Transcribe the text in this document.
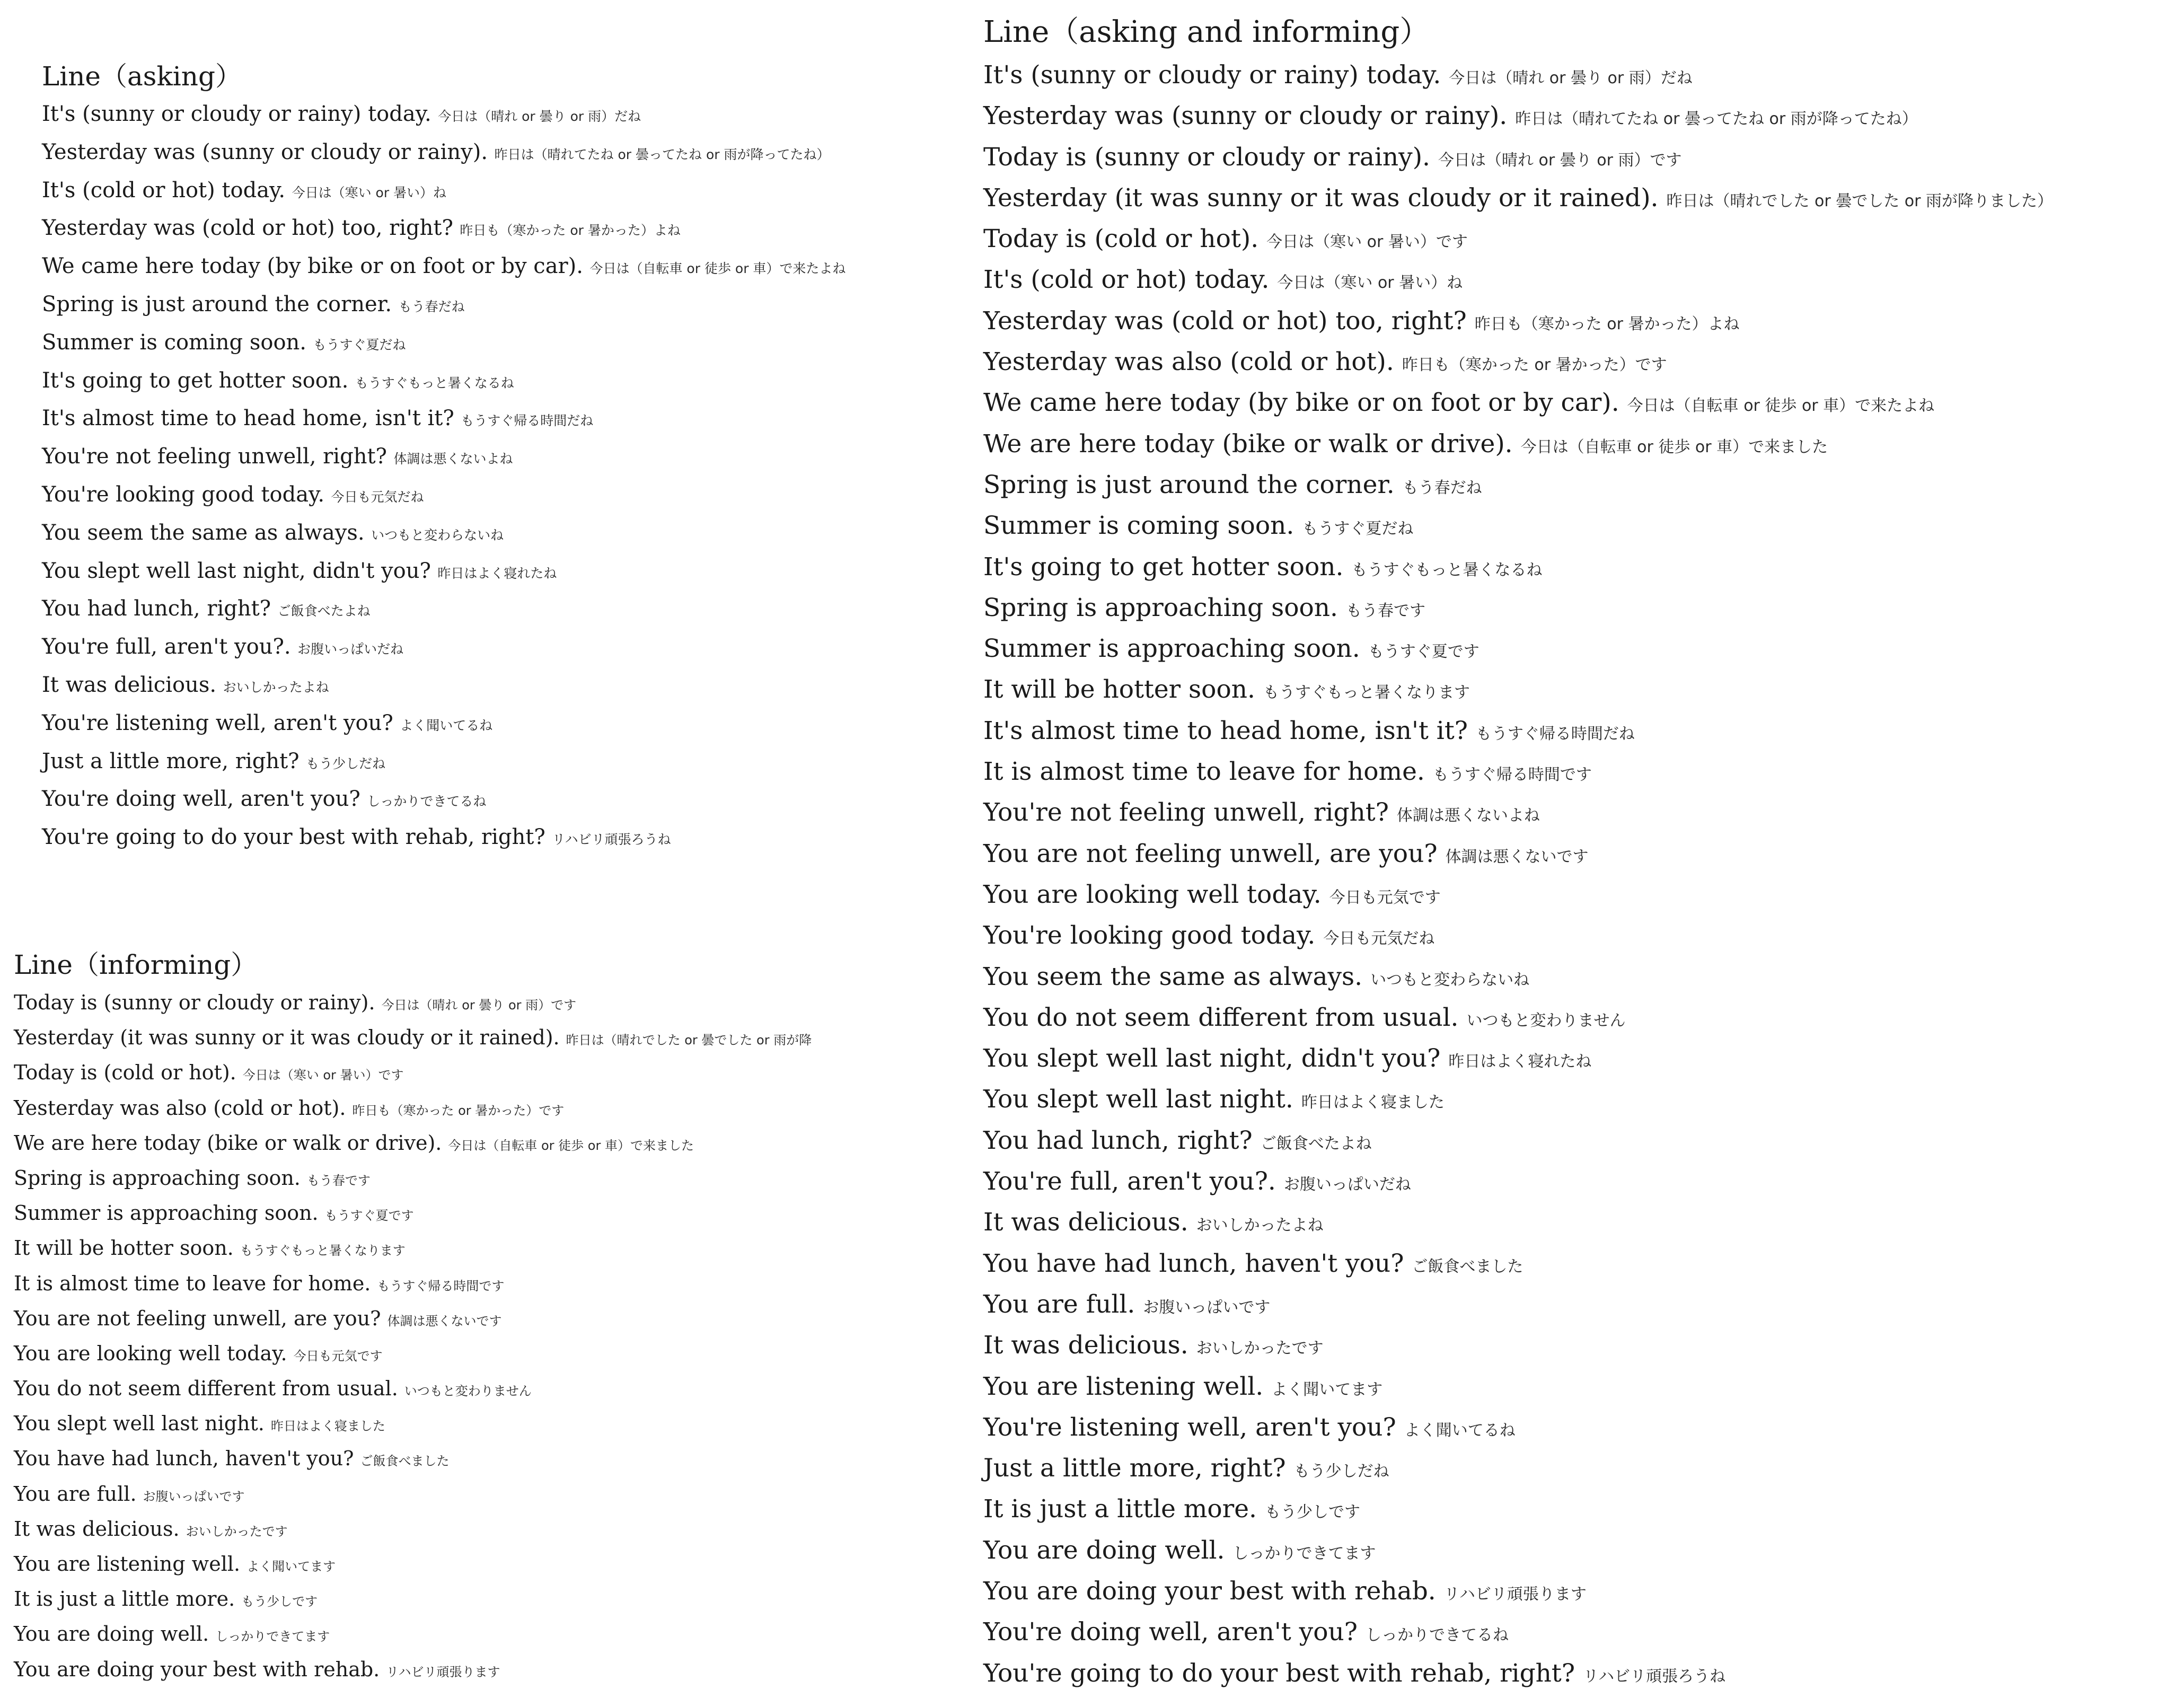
Line（asking）
It's (sunny or cloudy or rainy) today. 今日は（晴れ or 曇り or 雨）だね
Yesterday was (sunny or cloudy or rainy). 昨日は（晴れてたね or 曇ってたね or 雨が降ってたね）
It's (cold or hot) today. 今日は（寒い or 暑い）ね
Yesterday was (cold or hot) too, right? 昨日も（寒かった or 暑かった）よね
We came here today (by bike or on foot or by car). 今日は（自転車 or 徒歩 or 車）で来たよね
Spring is just around the corner. もう春だね
Summer is coming soon. もうすぐ夏だね
It's going to get hotter soon. もうすぐもっと暑くなるね
It's almost time to head home, isn't it? もうすぐ帰る時間だね
You're not feeling unwell, right? 体調は悪くないよね
You're looking good today. 今日も元気だね
You seem the same as always. いつもと変わらないね
You slept well last night, didn't you? 昨日はよく寝れたね
You had lunch, right? ご飯食べたよね
You're full, aren't you?. お腹いっぱいだね
It was delicious. おいしかったよね
You're listening well, aren't you? よく聞いてるね
Just a little more, right? もう少しだね
You're doing well, aren't you? しっかりできてるね
You're going to do your best with rehab, right? リハビリ頑張ろうね
Line（informing）
Today is (sunny or cloudy or rainy). 今日は（晴れ or 曇り or 雨）です
Yesterday (it was sunny or it was cloudy or it rained). 昨日は（晴れでした or 曇でした or 雨が降
Today is (cold or hot). 今日は（寒い or 暑い）です
Yesterday was also (cold or hot). 昨日も（寒かった or 暑かった）です
We are here today (bike or walk or drive). 今日は（自転車 or 徒歩 or 車）で来ました
Spring is approaching soon. もう春です
Summer is approaching soon. もうすぐ夏です
It will be hotter soon. もうすぐもっと暑くなります
It is almost time to leave for home. もうすぐ帰る時間です
You are not feeling unwell, are you? 体調は悪くないです
You are looking well today. 今日も元気です
You do not seem different from usual. いつもと変わりません
You slept well last night. 昨日はよく寝ました
You have had lunch, haven't you? ご飯食べました
You are full. お腹いっぱいです
It was delicious. おいしかったです
You are listening well. よく聞いてます
It is just a little more. もう少しです
You are doing well. しっかりできてます
You are doing your best with rehab. リハビリ頑張ります
Line（asking and informing）
It's (sunny or cloudy or rainy) today. 今日は（晴れ or 曇り or 雨）だね
Yesterday was (sunny or cloudy or rainy). 昨日は（晴れてたね or 曇ってたね or 雨が降ってたね）
Today is (sunny or cloudy or rainy). 今日は（晴れ or 曇り or 雨）です
Yesterday (it was sunny or it was cloudy or it rained). 昨日は（晴れでした or 曇でした or 雨が降りました）
Today is (cold or hot). 今日は（寒い or 暑い）です
It's (cold or hot) today. 今日は（寒い or 暑い）ね
Yesterday was (cold or hot) too, right? 昨日も（寒かった or 暑かった）よね
Yesterday was also (cold or hot). 昨日も（寒かった or 暑かった）です
We came here today (by bike or on foot or by car). 今日は（自転車 or 徒歩 or 車）で来たよね
We are here today (bike or walk or drive). 今日は（自転車 or 徒歩 or 車）で来ました
Spring is just around the corner. もう春だね
Summer is coming soon. もうすぐ夏だね
It's going to get hotter soon. もうすぐもっと暑くなるね
Spring is approaching soon. もう春です
Summer is approaching soon. もうすぐ夏です
It will be hotter soon. もうすぐもっと暑くなります
It's almost time to head home, isn't it? もうすぐ帰る時間だね
It is almost time to leave for home. もうすぐ帰る時間です
You're not feeling unwell, right? 体調は悪くないよね
You are not feeling unwell, are you? 体調は悪くないです
You are looking well today. 今日も元気です
You're looking good today. 今日も元気だね
You seem the same as always. いつもと変わらないね
You do not seem different from usual. いつもと変わりません
You slept well last night, didn't you? 昨日はよく寝れたね
You slept well last night. 昨日はよく寝ました
You had lunch, right? ご飯食べたよね
You're full, aren't you?. お腹いっぱいだね
It was delicious. おいしかったよね
You have had lunch, haven't you? ご飯食べました
You are full. お腹いっぱいです
It was delicious. おいしかったです
You are listening well. よく聞いてます
You're listening well, aren't you? よく聞いてるね
Just a little more, right? もう少しだね
It is just a little more. もう少しです
You are doing well. しっかりできてます
You are doing your best with rehab. リハビリ頑張ります
You're doing well, aren't you? しっかりできてるね
You're going to do your best with rehab, right? リハビリ頑張ろうね
